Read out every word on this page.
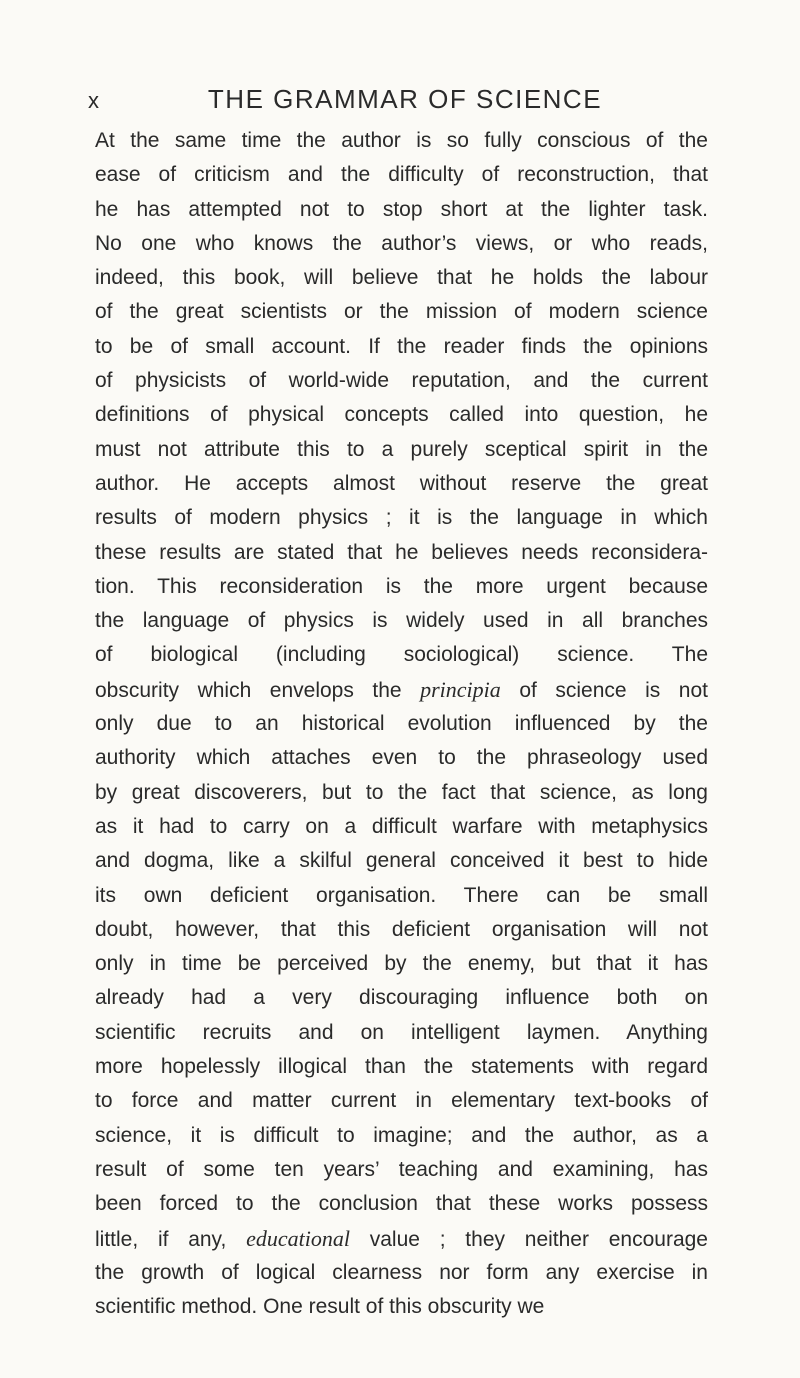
x	THE GRAMMAR OF SCIENCE
At the same time the author is so fully conscious of the
ease of criticism and the difficulty of reconstruction, that
he has attempted not to stop short at the lighter task.
No one who knows the author’s views, or who reads,
indeed, this book, will believe that he holds the labour
of the great scientists or the mission of modern science
to be of small account. If the reader finds the opinions
of physicists of world-wide reputation, and the current
definitions of physical concepts called into question, he
must not attribute this to a purely sceptical spirit in the
author. He accepts almost without reserve the great
results of modern physics ; it is the language in which
these results are stated that he believes needs reconsidera-
tion. This reconsideration is the more urgent because
the language of physics is widely used in all branches
of biological (including sociological) science. The
obscurity which envelops the principia of science is not
only due to an historical evolution influenced by the
authority which attaches even to the phraseology used
by great discoverers, but to the fact that science, as long
as it had to carry on a difficult warfare with metaphysics
and dogma, like a skilful general conceived it best to hide
its own deficient organisation. There can be small
doubt, however, that this deficient organisation will not
only in time be perceived by the enemy, but that it has
already had a very discouraging influence both on
scientific recruits and on intelligent laymen. Anything
more hopelessly illogical than the statements with regard
to force and matter current in elementary text-books of
science, it is difficult to imagine; and the author, as a
result of some ten years’ teaching and examining, has
been forced to the conclusion that these works possess
little, if any, educational value ; they neither encourage
the growth of logical clearness nor form any exercise in
scientific method. One result of this obscurity we
